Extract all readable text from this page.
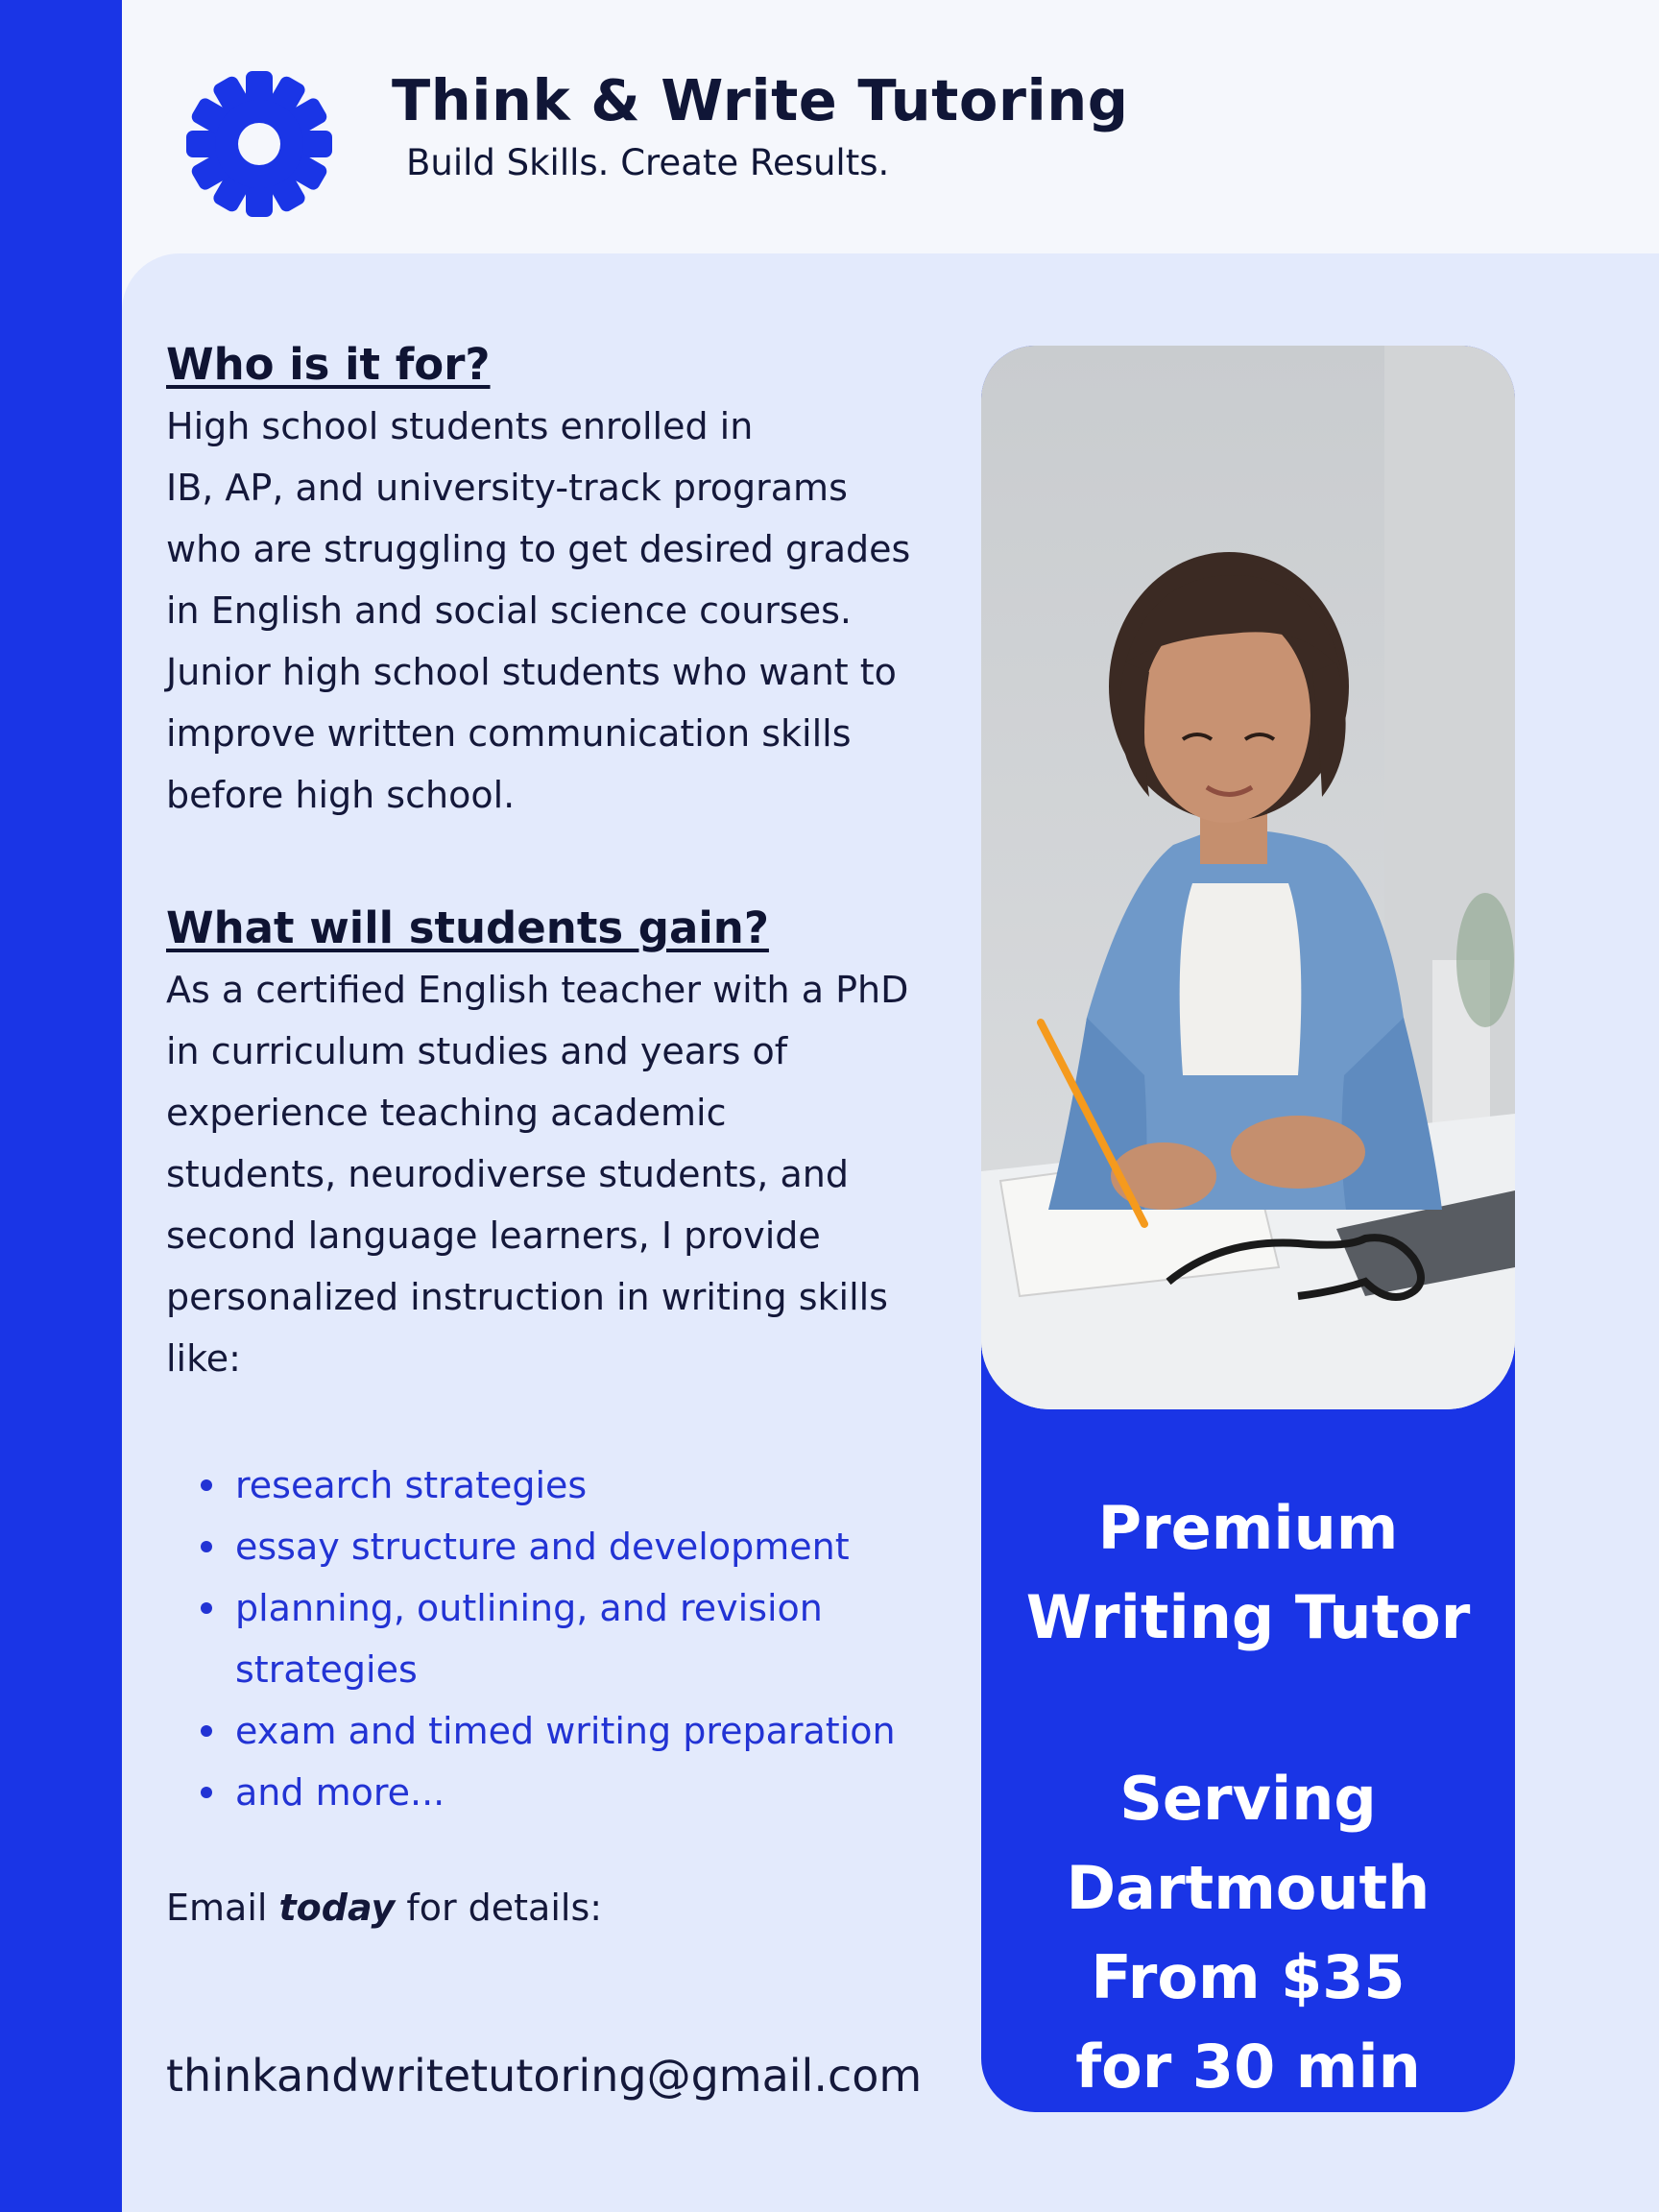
Think & Write Tutoring
Build Skills. Create Results.
Who is it for?

High school students enrolled in

IB, AP, and university-track programs

who are struggling to get desired grades

in English and social science courses.

Junior high school students who want to

improve written communication skills

before high school.

What will students gain?

As a certified English teacher with a PhD

in curriculum studies and years of

experience teaching academic

students, neurodiverse students, and

second language learners, I provide

personalized instruction in writing skills

like:

research strategies
essay structure and development
planning, outlining, and revision strategies
exam and timed writing preparation
and more...
Email today for details:
thinkandwritetutoring@gmail.com
Premium
Writing Tutor
Serving
Dartmouth
From $35
for 30 min
